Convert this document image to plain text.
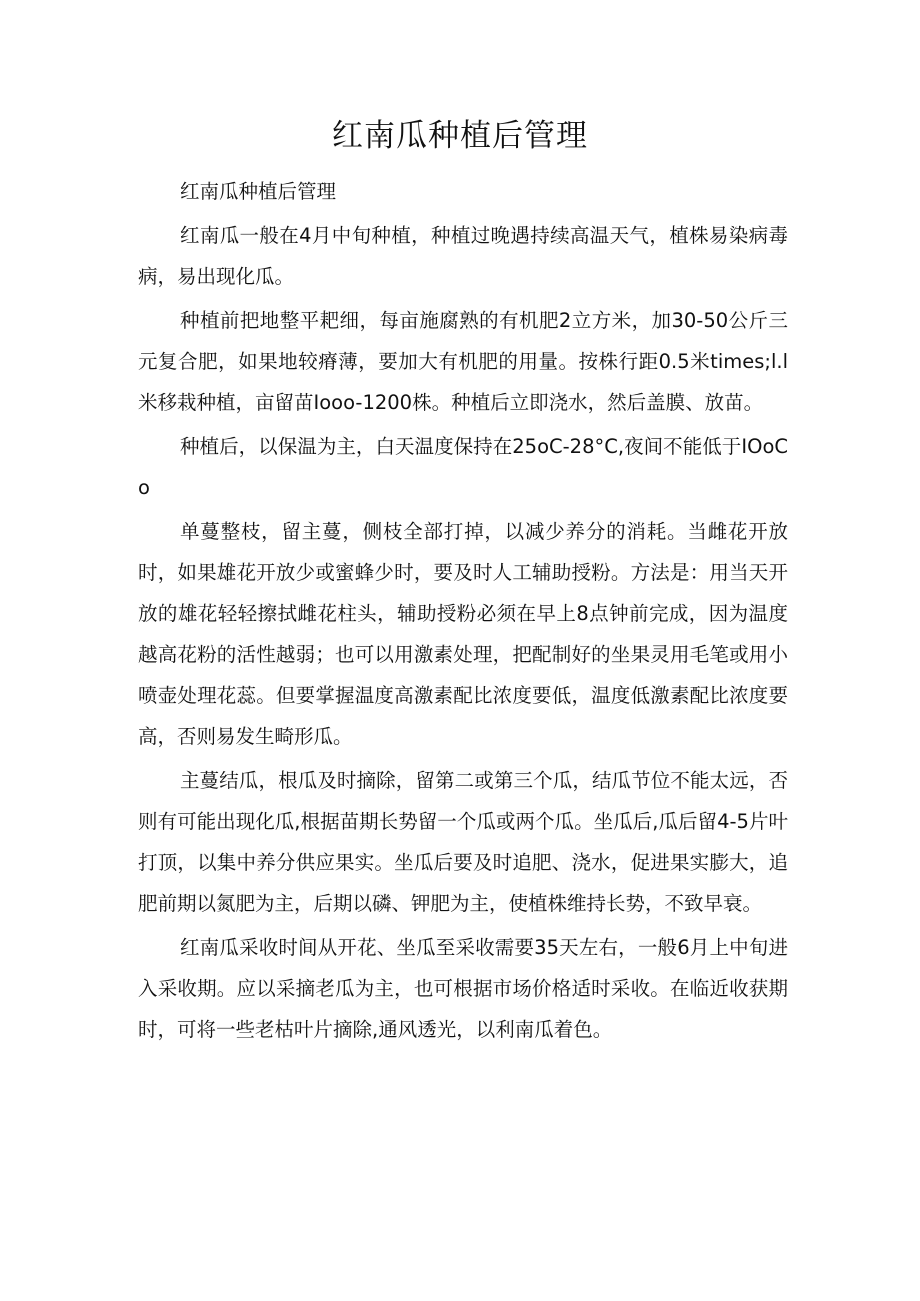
红南瓜种植后管理

红南瓜种植后管理

红南瓜一般在4月中旬种植，种植过晚遇持续高温天气，植株易染病毒病，易出现化瓜。

种植前把地整平耙细，每亩施腐熟的有机肥2立方米，加30-50公斤三元复合肥，如果地较瘠薄，要加大有机肥的用量。按株行距0.5米times;l.l米移栽种植，亩留苗Iooo-1200株。种植后立即浇水，然后盖膜、放苗。

种植后，以保温为主，白天温度保持在25oC-28°C,夜间不能低于IOoCo

单蔓整枝，留主蔓，侧枝全部打掉，以减少养分的消耗。当雌花开放时，如果雄花开放少或蜜蜂少时，要及时人工辅助授粉。方法是：用当天开放的雄花轻轻擦拭雌花柱头，辅助授粉必须在早上8点钟前完成，因为温度越高花粉的活性越弱；也可以用激素处理，把配制好的坐果灵用毛笔或用小喷壶处理花蕊。但要掌握温度高激素配比浓度要低，温度低激素配比浓度要高，否则易发生畸形瓜。

主蔓结瓜，根瓜及时摘除，留第二或第三个瓜，结瓜节位不能太远，否则有可能出现化瓜,根据苗期长势留一个瓜或两个瓜。坐瓜后,瓜后留4-5片叶打顶，以集中养分供应果实。坐瓜后要及时追肥、浇水，促进果实膨大，追肥前期以氮肥为主，后期以磷、钾肥为主，使植株维持长势，不致早衰。

红南瓜采收时间从开花、坐瓜至采收需要35天左右，一般6月上中旬进入采收期。应以采摘老瓜为主，也可根据市场价格适时采收。在临近收获期时，可将一些老枯叶片摘除,通风透光，以利南瓜着色。
